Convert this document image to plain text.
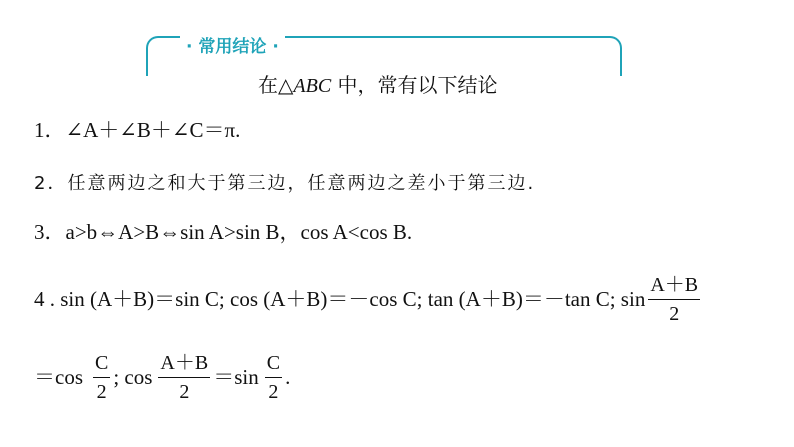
· 常用结论 ·
在△ABC 中，常有以下结论
1．∠A＋∠B＋∠C＝π.
2．任意两边之和大于第三边，任意两边之差小于第三边.
3．a>b⇔A>B⇔sin A>sin B，cos A<cos B.
4 . sin (A＋B)＝sin C; cos (A＋B)＝－cos C; tan (A＋B)＝－tan C; $\sin \frac{A+B}{2}$
$=\cos \frac{C}{2}$ ; $\cos \frac{A+B}{2} =\sin \frac{C}{2}$ .
